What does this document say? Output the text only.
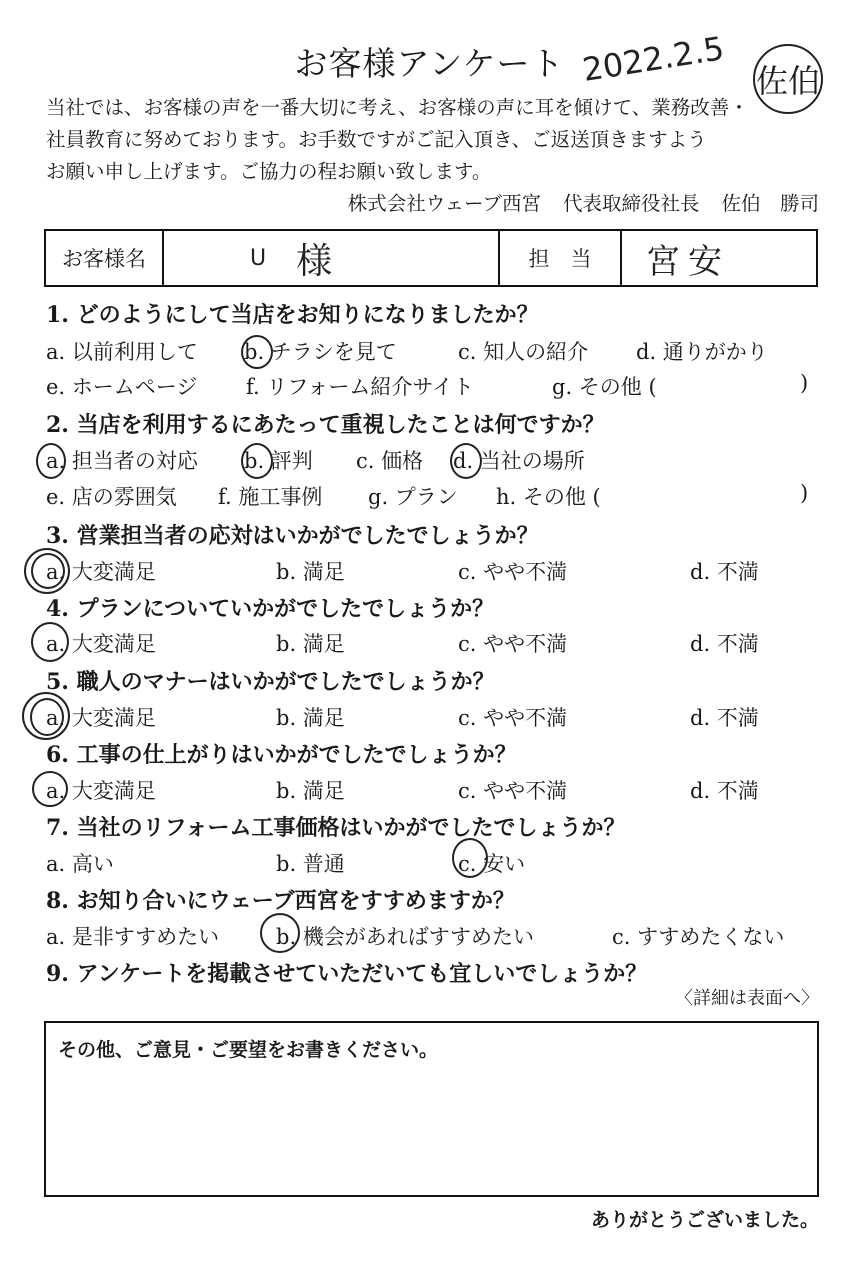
お客様アンケート 2022.2.5 佐伯
当社では、お客様の声を一番大切に考え、お客様の声に耳を傾けて、業務改善・
社員教育に努めております。お手数ですがご記入頂き、ご返送頂きますよう
お願い申し上げます。ご協力の程お願い致します。
株式会社ウェーブ西宮 代表取締役社長 佐伯　勝司
お客様名	U 様	担　当	宮安
1. どのようにして当店をお知りになりましたか？
a. 以前利用して b. チラシを見て	c. 知人の紹介 d. 通りがかり
e. ホームページ f. リフォーム紹介サイト	g. その他 (	)
2. 当店を利用するにあたって重視したことは何ですか？
a. 担当者の対応 b. 評判 c. 価格 d. 当社の場所
e. 店の雰囲気 f. 施工事例 g. プラン h. その他 (	)
3. 営業担当者の応対はいかがでしたでしょうか？
a. 大変満足	b. 満足	c. やや不満	d. 不満
4. プランについていかがでしたでしょうか？
a. 大変満足	b. 満足	c. やや不満	d. 不満
5. 職人のマナーはいかがでしたでしょうか？
a. 大変満足	b. 満足	c. やや不満	d. 不満
6. 工事の仕上がりはいかがでしたでしょうか？
a. 大変満足	b. 満足	c. やや不満	d. 不満
7. 当社のリフォーム工事価格はいかがでしたでしょうか？
a. 高い	b. 普通	c. 安い
8. お知り合いにウェーブ西宮をすすめますか？
a. 是非すすめたい	b. 機会があればすすめたい	c. すすめたくない
9. アンケートを掲載させていただいても宜しいでしょうか？
〈詳細は表面へ〉
その他、ご意見・ご要望をお書きください。
ありがとうございました。
